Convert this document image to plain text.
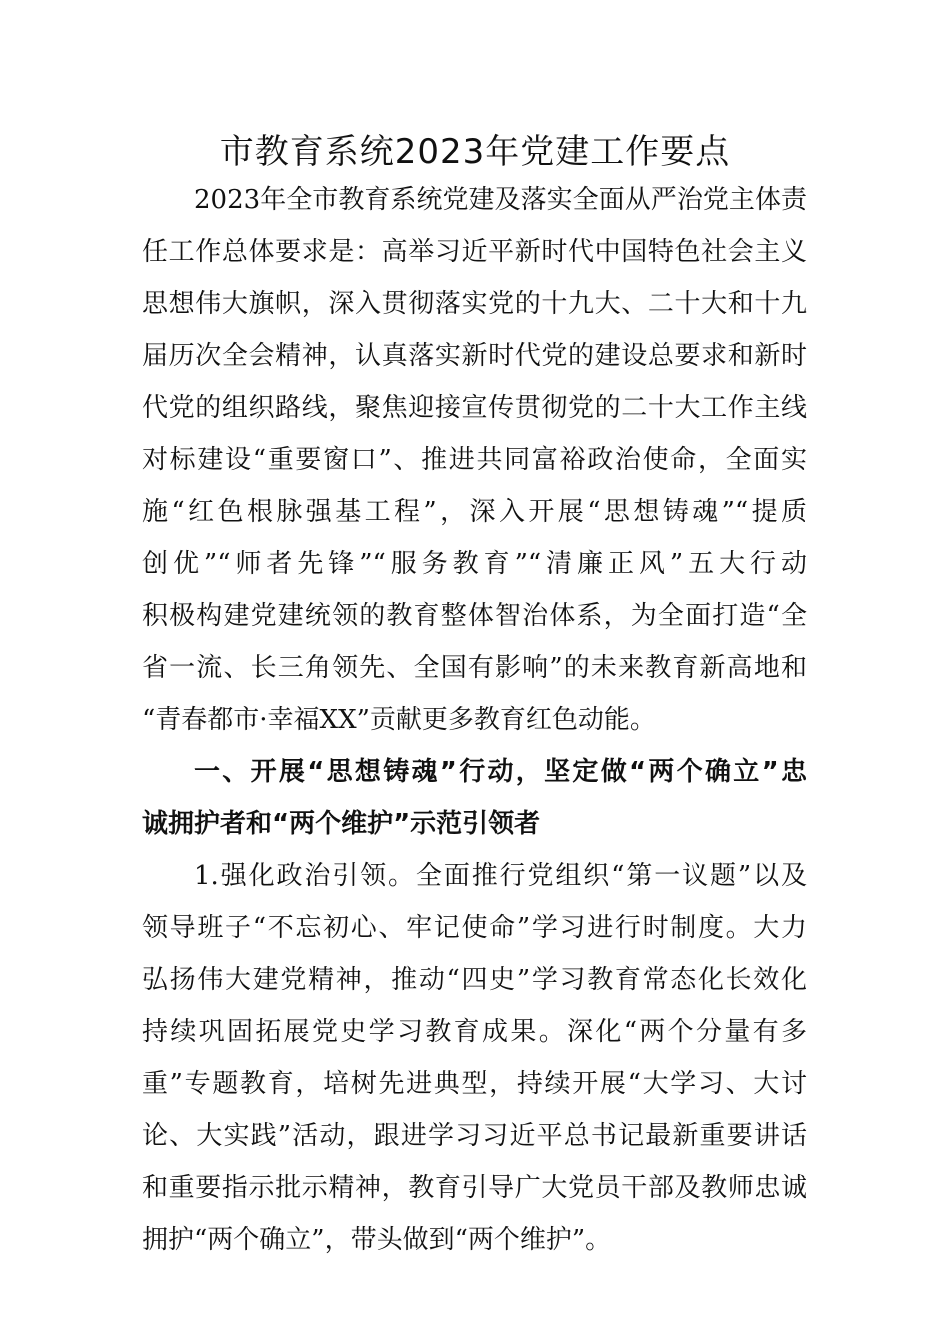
市教育系统2023年党建工作要点

2023年全市教育系统党建及落实全面从严治党主体责

任工作总体要求是：高举习近平新时代中国特色社会主义

思想伟大旗帜，深入贯彻落实党的十九大、二十大和十九

届历次全会精神，认真落实新时代党的建设总要求和新时

代党的组织路线，聚焦迎接宣传贯彻党的二十大工作主线

对标建设“重要窗口”、推进共同富裕政治使命，全面实

施“红色根脉强基工程”，深入开展“思想铸魂”“提质

创优”“师者先锋”“服务教育”“清廉正风”五大行动

积极构建党建统领的教育整体智治体系，为全面打造“全

省一流、长三角领先、全国有影响”的未来教育新高地和

“青春都市·幸福XX”贡献更多教育红色动能。

一、开展“思想铸魂”行动，坚定做“两个确立”忠

诚拥护者和“两个维护”示范引领者

1.强化政治引领。全面推行党组织“第一议题”以及

领导班子“不忘初心、牢记使命”学习进行时制度。大力

弘扬伟大建党精神，推动“四史”学习教育常态化长效化

持续巩固拓展党史学习教育成果。深化“两个分量有多

重”专题教育，培树先进典型，持续开展“大学习、大讨

论、大实践”活动，跟进学习习近平总书记最新重要讲话

和重要指示批示精神，教育引导广大党员干部及教师忠诚

拥护“两个确立”，带头做到“两个维护”。
